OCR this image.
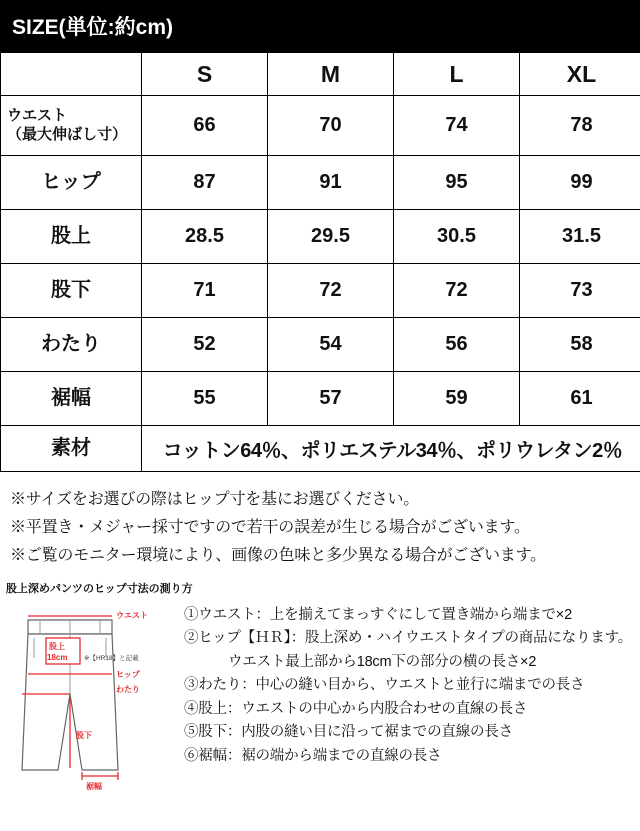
SIZE(単位:約cm)
	S	M	L	XL

ウエスト
（最大伸ばし寸）	66	70	74	78
ヒップ	87	91	95	99
股上	28.5	29.5	30.5	31.5
股下	71	72	72	73
わたり	52	54	56	58
裾幅	55	57	59	61
素材	コットン64％、ポリエステル34％、ポリウレタン2％			
※サイズをお選びの際はヒップ寸を基にお選びください。
※平置き・メジャー採寸ですので若干の誤差が生じる場合がございます。
※ご覧のモニター環境により、画像の色味と多少異なる場合がございます。
股上深めパンツのヒップ寸法の測り方
ウエスト
股上
18cm
ヒップ
わたり
股下
裾幅
※【HR18】と記載
①ウエスト：上を揃えてまっすぐにして置き端から端まで×2
②ヒップ【ＨＲ】：股上深め・ハイウエストタイプの商品になります。
ウエスト最上部から18cm下の部分の横の長さ×2
③わたり：中心の縫い目から、ウエストと並行に端までの長さ
④股上：ウエストの中心から内股合わせの直線の長さ
⑤股下：内股の縫い目に沿って裾までの直線の長さ
⑥裾幅：裾の端から端までの直線の長さ
